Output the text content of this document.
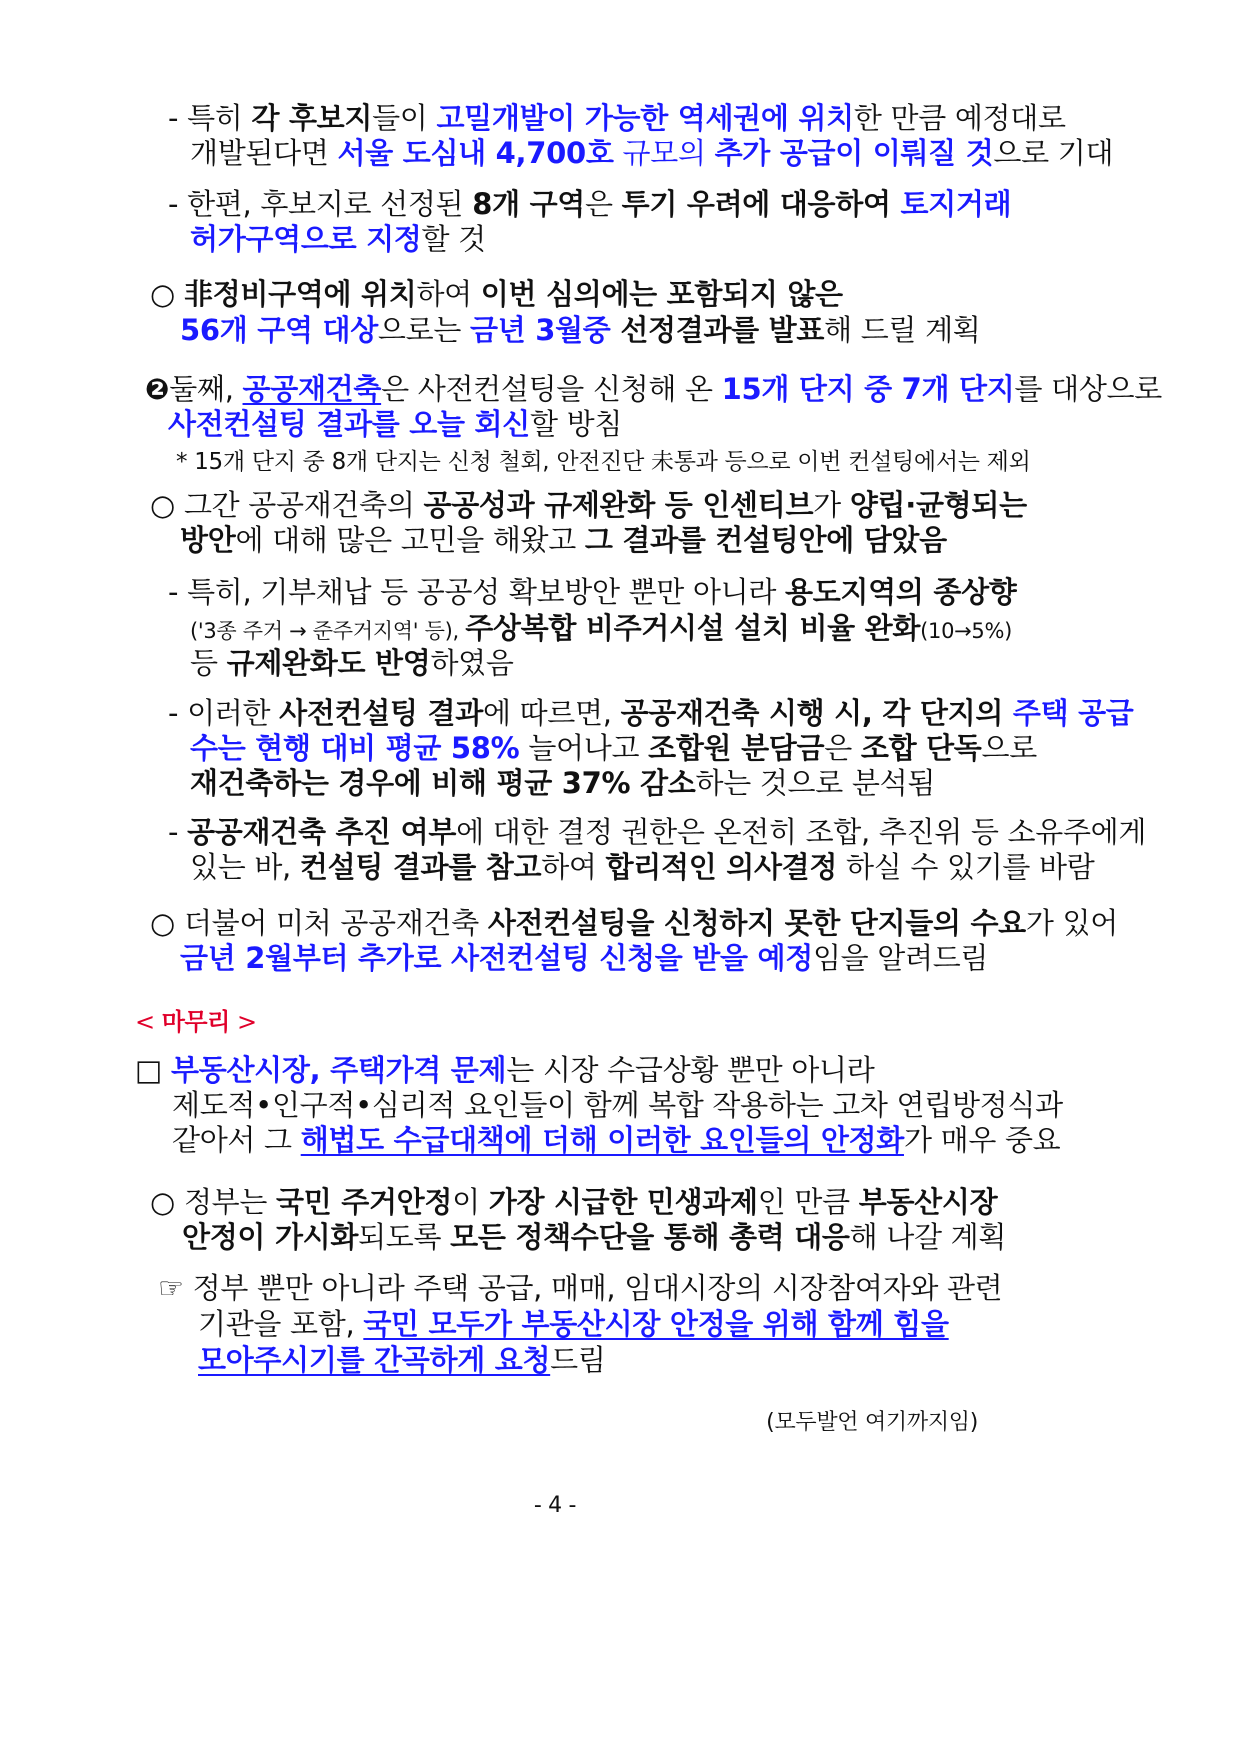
- 특히 각 후보지들이 고밀개발이 가능한 역세권에 위치한 만큼 예정대로
개발된다면 서울 도심내 4,700호 규모의 추가 공급이 이뤄질 것으로 기대
- 한편, 후보지로 선정된 8개 구역은 투기 우려에 대응하여 토지거래
허가구역으로 지정할 것
○ 非정비구역에 위치하여 이번 심의에는 포함되지 않은
56개 구역 대상으로는 금년 3월중 선정결과를 발표해 드릴 계획
❷둘째, 공공재건축은 사전컨설팅을 신청해 온 15개 단지 중 7개 단지를 대상으로
사전컨설팅 결과를 오늘 회신할 방침
* 15개 단지 중 8개 단지는 신청 철회, 안전진단 未통과 등으로 이번 컨설팅에서는 제외
○ 그간 공공재건축의 공공성과 규제완화 등 인센티브가 양립·균형되는
방안에 대해 많은 고민을 해왔고 그 결과를 컨설팅안에 담았음
- 특히, 기부채납 등 공공성 확보방안 뿐만 아니라 용도지역의 종상향
('3종 주거 → 준주거지역' 등), 주상복합 비주거시설 설치 비율 완화(10→5%)
등 규제완화도 반영하였음
- 이러한 사전컨설팅 결과에 따르면, 공공재건축 시행 시, 각 단지의 주택 공급
수는 현행 대비 평균 58% 늘어나고 조합원 분담금은 조합 단독으로
재건축하는 경우에 비해 평균 37% 감소하는 것으로 분석됨
- 공공재건축 추진 여부에 대한 결정 권한은 온전히 조합, 추진위 등 소유주에게
있는 바, 컨설팅 결과를 참고하여 합리적인 의사결정 하실 수 있기를 바람
○ 더불어 미처 공공재건축 사전컨설팅을 신청하지 못한 단지들의 수요가 있어
금년 2월부터 추가로 사전컨설팅 신청을 받을 예정임을 알려드림
< 마무리 >
□ 부동산시장, 주택가격 문제는 시장 수급상황 뿐만 아니라
제도적•인구적•심리적 요인들이 함께 복합 작용하는 고차 연립방정식과
같아서 그 해법도 수급대책에 더해 이러한 요인들의 안정화가 매우 중요
○ 정부는 국민 주거안정이 가장 시급한 민생과제인 만큼 부동산시장
안정이 가시화되도록 모든 정책수단을 통해 총력 대응해 나갈 계획
☞ 정부 뿐만 아니라 주택 공급, 매매, 임대시장의 시장참여자와 관련
기관을 포함, 국민 모두가 부동산시장 안정을 위해 함께 힘을
모아주시기를 간곡하게 요청드림
(모두발언 여기까지임)
- 4 -
